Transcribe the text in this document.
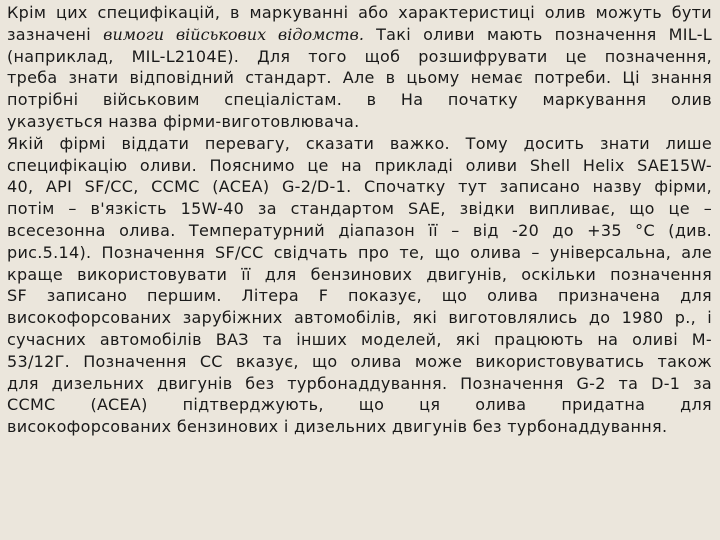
Крім цих специфікацій, в маркуванні або характеристиці олив можуть бути
зазначені вимоги військових відомств. Такі оливи мають позначення MIL-L
(наприклад, MIL-L2104E). Для того щоб розшифрувати це позначення,
треба знати відповідний стандарт. Але в цьому немає потреби. Ці знання
потрібні військовим спеціалістам. в На початку маркування олив
указується назва фірми-виготовлювача.
Якій фірмі віддати перевагу, сказати важко. Тому досить знати лише
специфікацію оливи. Пояснимо це на прикладі оливи Shell Helix SAE15W-
40, API SF/CC, CCMC (ACEA) G-2/D-1. Спочатку тут записано назву фірми,
потім – в'язкість 15W-40 за стандартом SAE, звідки випливає, що це –
всесезонна олива. Температурний діапазон її – від -20 до +35 °С (див.
рис.5.14). Позначення SF/CC свідчать про те, що олива – універсальна, але
краще використовувати її для бензинових двигунів, оскільки позначення
SF записано першим. Літера F показує, що олива призначена для
високофорсованих зарубіжних автомобілів, які виготовлялись до 1980 р., і
сучасних автомобілів ВАЗ та інших моделей, які працюють на оливі М-
53/12Г. Позначення СС вказує, що олива може використовуватись також
для дизельних двигунів без турбонаддування. Позначення G-2 та D-1 за
CCMC (ACEA) підтверджують, що ця олива придатна для
високофорсованих бензинових і дизельних двигунів без турбонаддування.
